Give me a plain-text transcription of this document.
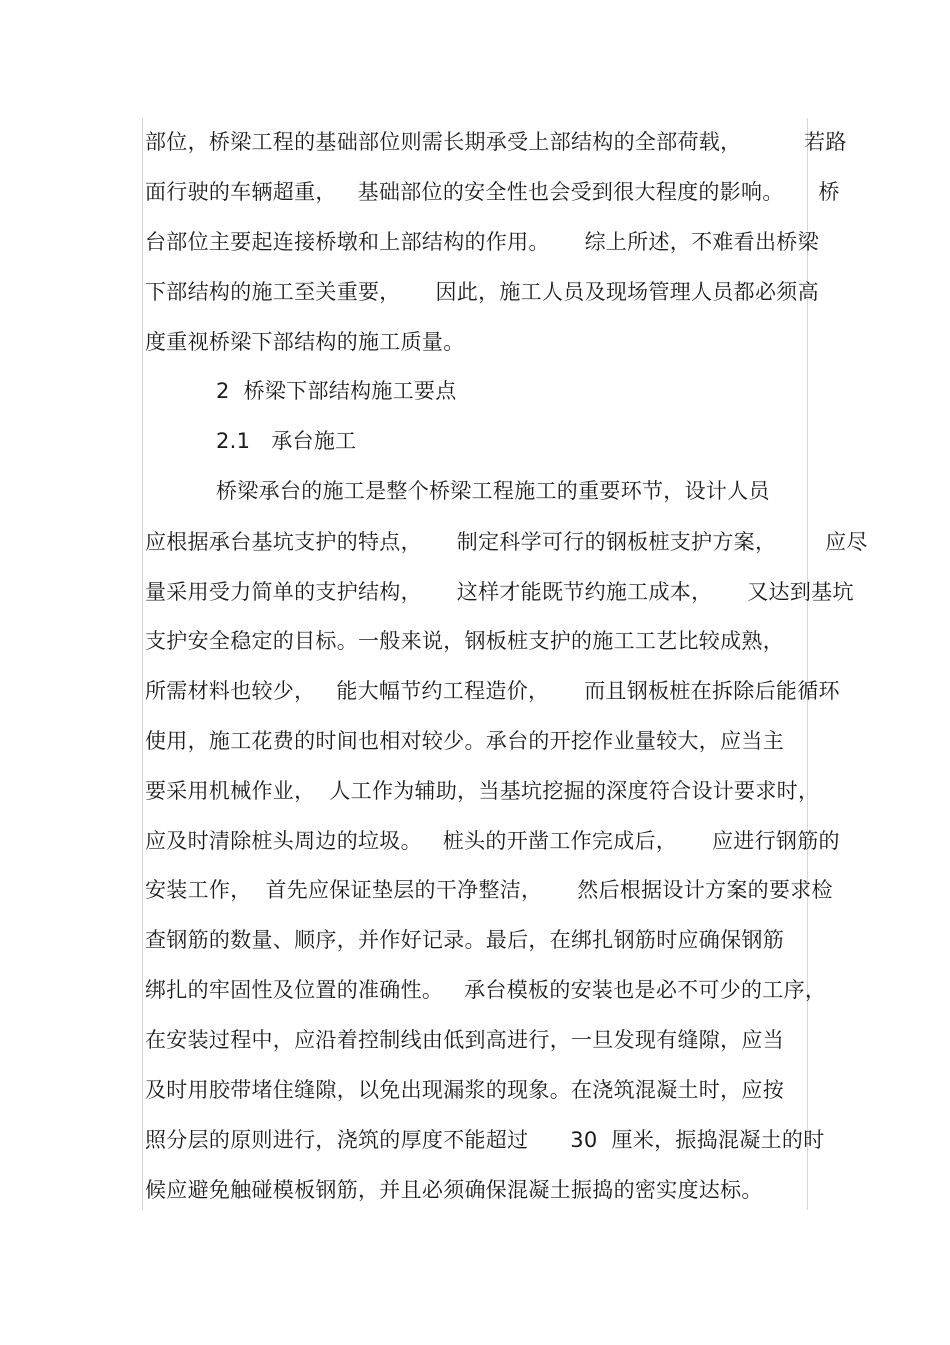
部位，桥梁工程的基础部位则需长期承受上部结构的全部荷载，         若路
面行驶的车辆超重，   基础部位的安全性也会受到很大程度的影响。     桥
台部位主要起连接桥墩和上部结构的作用。     综上所述，不难看出桥梁
下部结构的施工至关重要，     因此，施工人员及现场管理人员都必须高
度重视桥梁下部结构的施工质量。
2  桥梁下部结构施工要点
2.1   承台施工
桥梁承台的施工是整个桥梁工程施工的重要环节，设计人员
应根据承台基坑支护的特点，     制定科学可行的钢板桩支护方案，       应尽
量采用受力简单的支护结构，     这样才能既节约施工成本，     又达到基坑
支护安全稳定的目标。一般来说，钢板桩支护的施工工艺比较成熟，
所需材料也较少，   能大幅节约工程造价，     而且钢板桩在拆除后能循环
使用，施工花费的时间也相对较少。承台的开挖作业量较大，应当主
要采用机械作业，  人工作为辅助，当基坑挖掘的深度符合设计要求时，
应及时清除桩头周边的垃圾。   桩头的开凿工作完成后，     应进行钢筋的
安装工作，  首先应保证垫层的干净整洁，     然后根据设计方案的要求检
查钢筋的数量、顺序，并作好记录。最后，在绑扎钢筋时应确保钢筋
绑扎的牢固性及位置的准确性。   承台模板的安装也是必不可少的工序，
在安装过程中，应沿着控制线由低到高进行，一旦发现有缝隙，应当
及时用胶带堵住缝隙，以免出现漏浆的现象。在浇筑混凝土时，应按
照分层的原则进行，浇筑的厚度不能超过      30  厘米，振捣混凝土的时
候应避免触碰模板钢筋，并且必须确保混凝土振捣的密实度达标。
